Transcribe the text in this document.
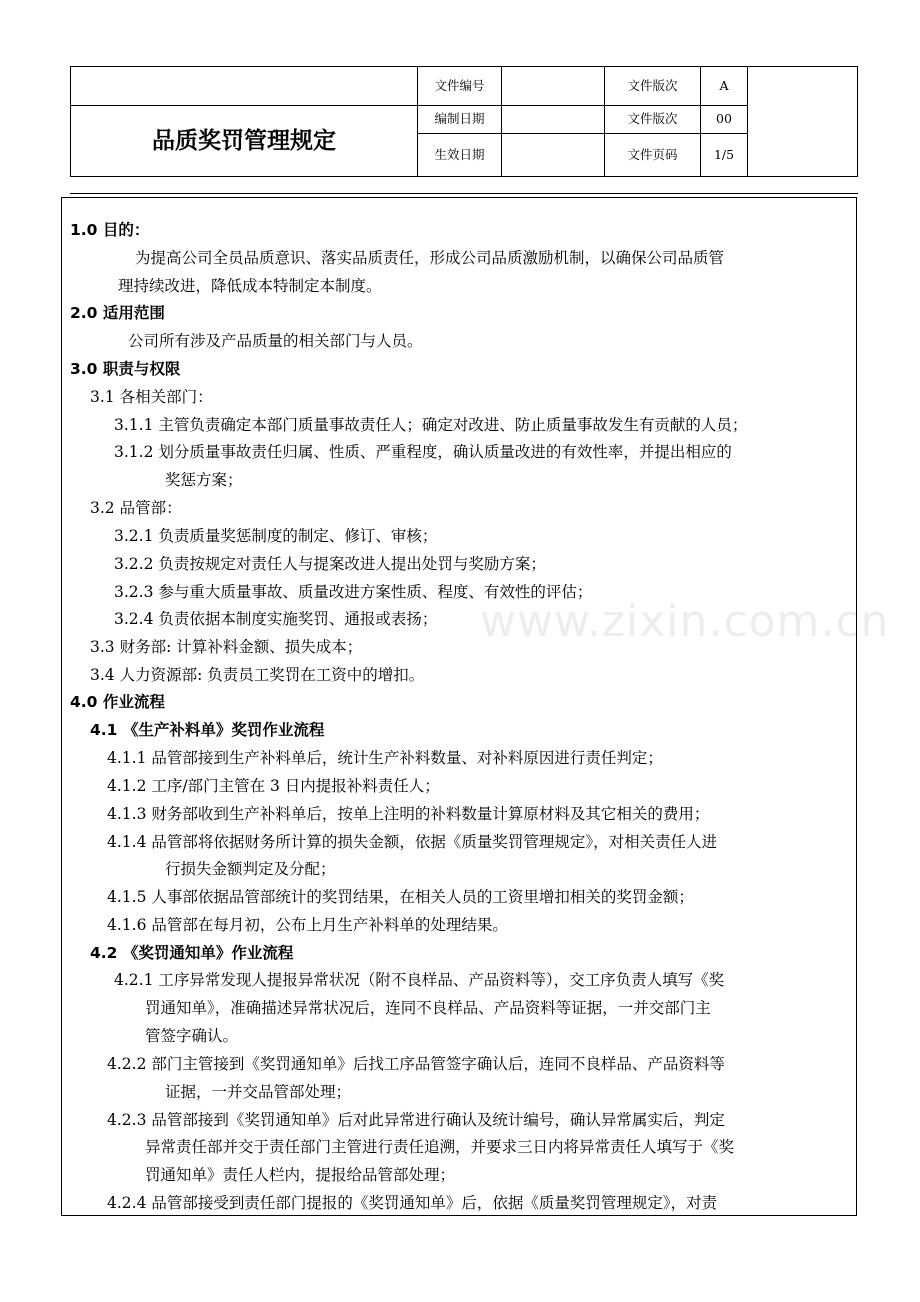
文件编号	文件版次	A
编制日期	文件版次	00
生效日期	文件页码	1/5
品质奖罚管理规定
www.zixin.com.cn
1.0 目的：
为提高公司全员品质意识、落实品质责任，形成公司品质激励机制，以确保公司品质管
理持续改进，降低成本特制定本制度。
2.0 适用范围
公司所有涉及产品质量的相关部门与人员。
3.0 职责与权限
3.1 各相关部门：
3.1.1 主管负责确定本部门质量事故责任人；确定对改进、防止质量事故发生有贡献的人员；
3.1.2 划分质量事故责任归属、性质、严重程度，确认质量改进的有效性率，并提出相应的
奖惩方案；
3.2 品管部：
3.2.1 负责质量奖惩制度的制定、修订、审核；
3.2.2 负责按规定对责任人与提案改进人提出处罚与奖励方案；
3.2.3 参与重大质量事故、质量改进方案性质、程度、有效性的评估；
3.2.4 负责依据本制度实施奖罚、通报或表扬；
3.3 财务部: 计算补料金额、损失成本；
3.4 人力资源部: 负责员工奖罚在工资中的增扣。
4.0 作业流程
4.1 《生产补料单》奖罚作业流程
4.1.1 品管部接到生产补料单后，统计生产补料数量、对补料原因进行责任判定；
4.1.2 工序/部门主管在 3 日内提报补料责任人；
4.1.3 财务部收到生产补料单后，按单上注明的补料数量计算原材料及其它相关的费用；
4.1.4 品管部将依据财务所计算的损失金额，依据《质量奖罚管理规定》，对相关责任人进
行损失金额判定及分配；
4.1.5 人事部依据品管部统计的奖罚结果，在相关人员的工资里增扣相关的奖罚金额；
4.1.6 品管部在每月初，公布上月生产补料单的处理结果。
4.2 《奖罚通知单》作业流程
4.2.1 工序异常发现人提报异常状况（附不良样品、产品资料等），交工序负责人填写《奖
罚通知单》，准确描述异常状况后，连同不良样品、产品资料等证据，一并交部门主
管签字确认。
4.2.2 部门主管接到《奖罚通知单》后找工序品管签字确认后，连同不良样品、产品资料等
证据，一并交品管部处理；
4.2.3 品管部接到《奖罚通知单》后对此异常进行确认及统计编号，确认异常属实后，判定
异常责任部并交于责任部门主管进行责任追溯，并要求三日内将异常责任人填写于《奖
罚通知单》责任人栏内，提报给品管部处理；
4.2.4 品管部接受到责任部门提报的《奖罚通知单》后，依据《质量奖罚管理规定》，对责
